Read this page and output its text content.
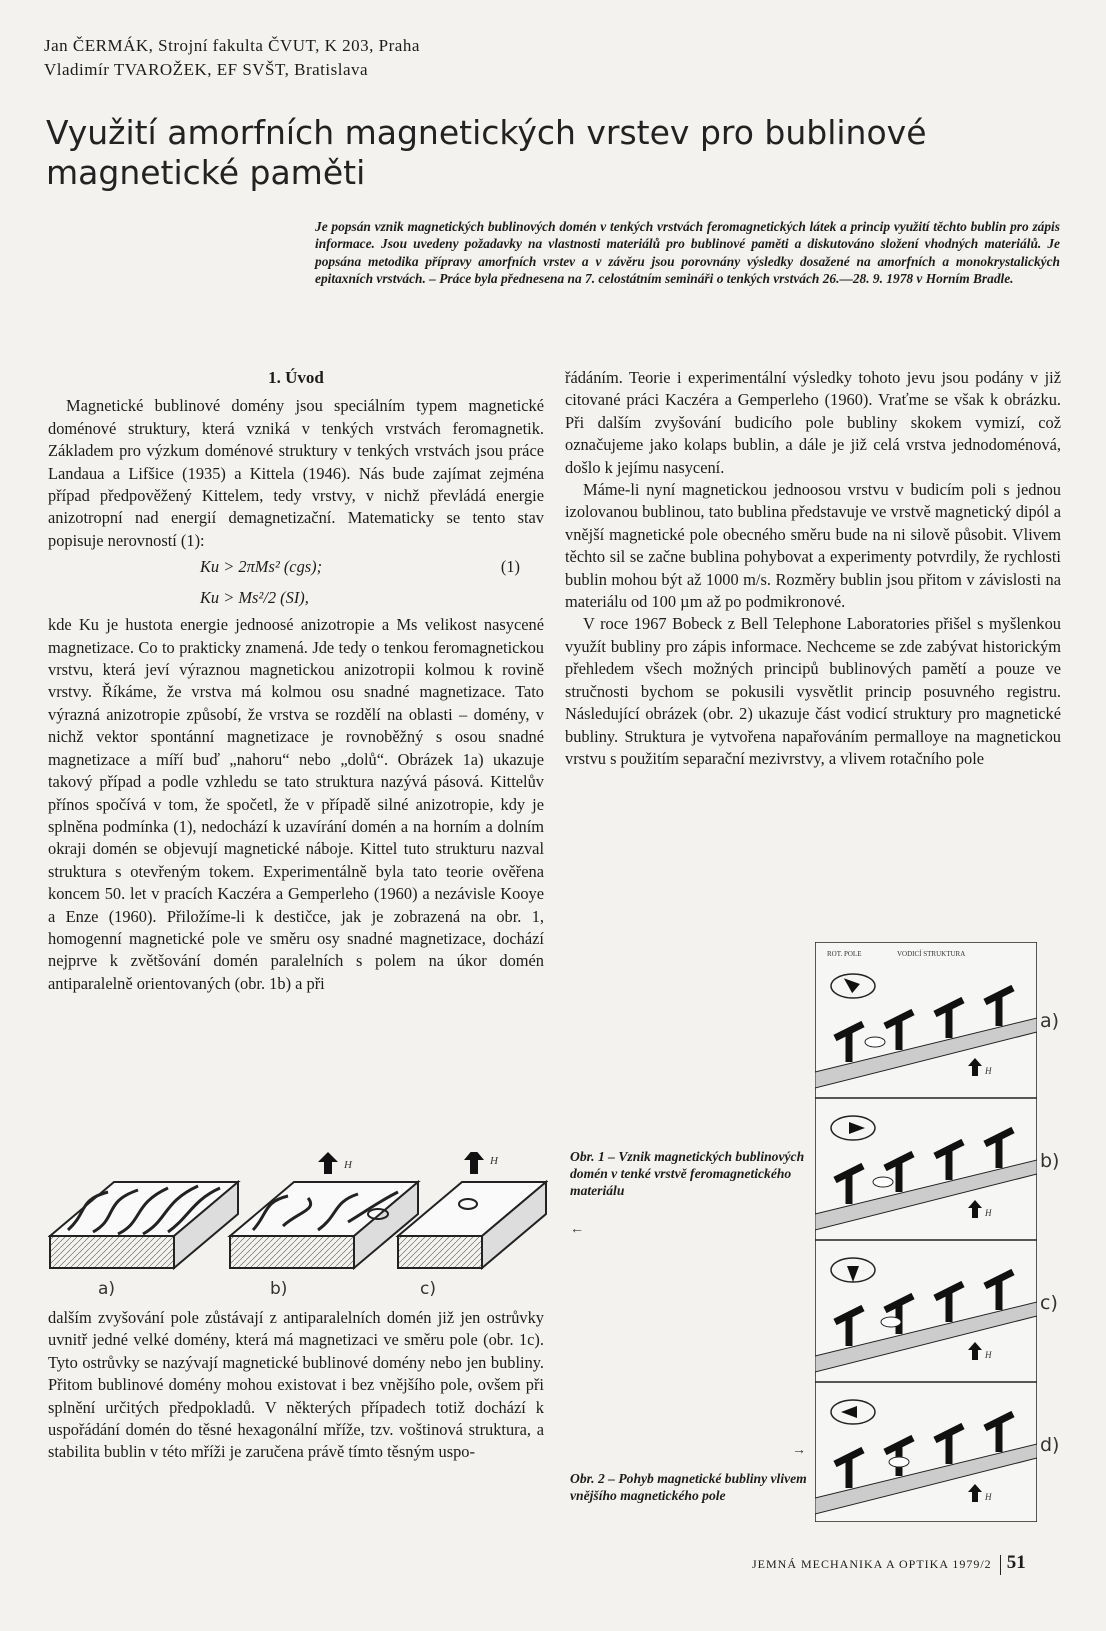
Jan ČERMÁK, Strojní fakulta ČVUT, K 203, Praha
Vladimír TVAROŽEK, EF SVŠT, Bratislava
Využití amorfních magnetických vrstev pro bublinové
magnetické paměti
Je popsán vznik magnetických bublinových domén v tenkých vrstvách feromagnetických látek a princip využití těchto bublin pro zápis informace. Jsou uvedeny požadavky na vlastnosti materiálů pro bublinové paměti a diskutováno složení vhodných materiálů. Je popsána metodika přípravy amorfních vrstev a v závěru jsou porovnány výsledky dosažené na amorfních a monokrystalických epitaxních vrstvách. – Práce byla přednesena na 7. celostátním semináři o tenkých vrstvách 26.—28. 9. 1978 v Horním Bradle.
1. Úvod

Magnetické bublinové domény jsou speciálním typem magnetické doménové struktury, která vzniká v tenkých vrstvách feromagnetik. Základem pro výzkum doménové struktury v tenkých vrstvách jsou práce Landaua a Lifšice (1935) a Kittela (1946). Nás bude zajímat zejména případ předpověžený Kittelem, tedy vrstvy, v nichž převládá energie anizotropní nad energií demagnetizační. Matematicky se tento stav popisuje nerovností (1):

Ku > 2πMs² (cgs);	(1)
Ku > Ms²/2 (SI),

kde Ku je hustota energie jednoosé anizotropie a Ms velikost nasycené magnetizace. Co to prakticky znamená. Jde tedy o tenkou feromagnetickou vrstvu, která jeví výraznou magnetickou anizotropii kolmou k rovině vrstvy. Říkáme, že vrstva má kolmou osu snadné magnetizace. Tato výrazná anizotropie způsobí, že vrstva se rozdělí na oblasti – domény, v nichž vektor spontánní magnetizace je rovnoběžný s osou snadné magnetizace a míří buď „nahoru“ nebo „dolů“. Obrázek 1a) ukazuje takový případ a podle vzhledu se tato struktura nazývá pásová. Kittelův přínos spočívá v tom, že spočetl, že v případě silné anizotropie, kdy je splněna podmínka (1), nedochází k uzavírání domén a na horním a dolním okraji domén se objevují magnetické náboje. Kittel tuto strukturu nazval struktura s otevřeným tokem. Experimentálně byla tato teorie ověřena koncem 50. let v pracích Kaczéra a Gemperleho (1960) a nezávisle Kooye a Enze (1960). Přiložíme-li k destičce, jak je zobrazená na obr. 1, homogenní magnetické pole ve směru osy snadné magnetizace, dochází nejprve k zvětšování domén paralelních s polem na úkor domén antiparalelně orientovaných (obr. 1b) a při

H	H
a)	b)	c)

dalším zvyšování pole zůstávají z antiparalelních domén již jen ostrůvky uvnitř jedné velké domény, která má magnetizaci ve směru pole (obr. 1c). Tyto ostrůvky se nazývají magnetické bublinové domény nebo jen bubliny. Přitom bublinové domény mohou existovat i bez vnějšího pole, ovšem při splnění určitých předpokladů. V některých případech totiž dochází k uspořádání domén do těsné hexagonální mříže, tzv. voštinová struktura, a stabilita bublin v této mříži je zaručena právě tímto těsným uspo-

řádáním. Teorie i experimentální výsledky tohoto jevu jsou podány v již citované práci Kaczéra a Gemperleho (1960). Vraťme se však k obrázku. Při dalším zvyšování budicího pole bubliny skokem vymizí, což označujeme jako kolaps bublin, a dále je již celá vrstva jednodoménová, došlo k jejímu nasycení.

Máme-li nyní magnetickou jednoosou vrstvu v budicím poli s jednou izolovanou bublinou, tato bublina představuje ve vrstvě magnetický dipól a vnější magnetické pole obecného směru bude na ni silově působit. Vlivem těchto sil se začne bublina pohybovat a experimenty potvrdily, že rychlosti bublin mohou být až 1000 m/s. Rozměry bublin jsou přitom v závislosti na materiálu od 100 µm až po podmikronové.

V roce 1967 Bobeck z Bell Telephone Laboratories přišel s myšlenkou využít bubliny pro zápis informace. Nechceme se zde zabývat historickým přehledem všech možných principů bublinových pamětí a pouze ve stručnosti bychom se pokusili vysvětlit princip posuvného registru. Následující obrázek (obr. 2) ukazuje část vodicí struktury pro magnetické bubliny. Struktura je vytvořena napařováním permalloye na magnetickou vrstvu s použitím separační mezivrstvy, a vlivem rotačního pole

Obr. 1 – Vznik magnetických bublinových domén v tenké vrstvě feromagnetického materiálu
←
Obr. 2 – Pohyb magnetické bubliny vlivem vnějšího magnetického pole
→
ROT. POLE	VODICÍ STRUKTURA
H
H
H
H
a)
b)
c)
d)
JEMNÁ MECHANIKA A OPTIKA 1979/2 51
